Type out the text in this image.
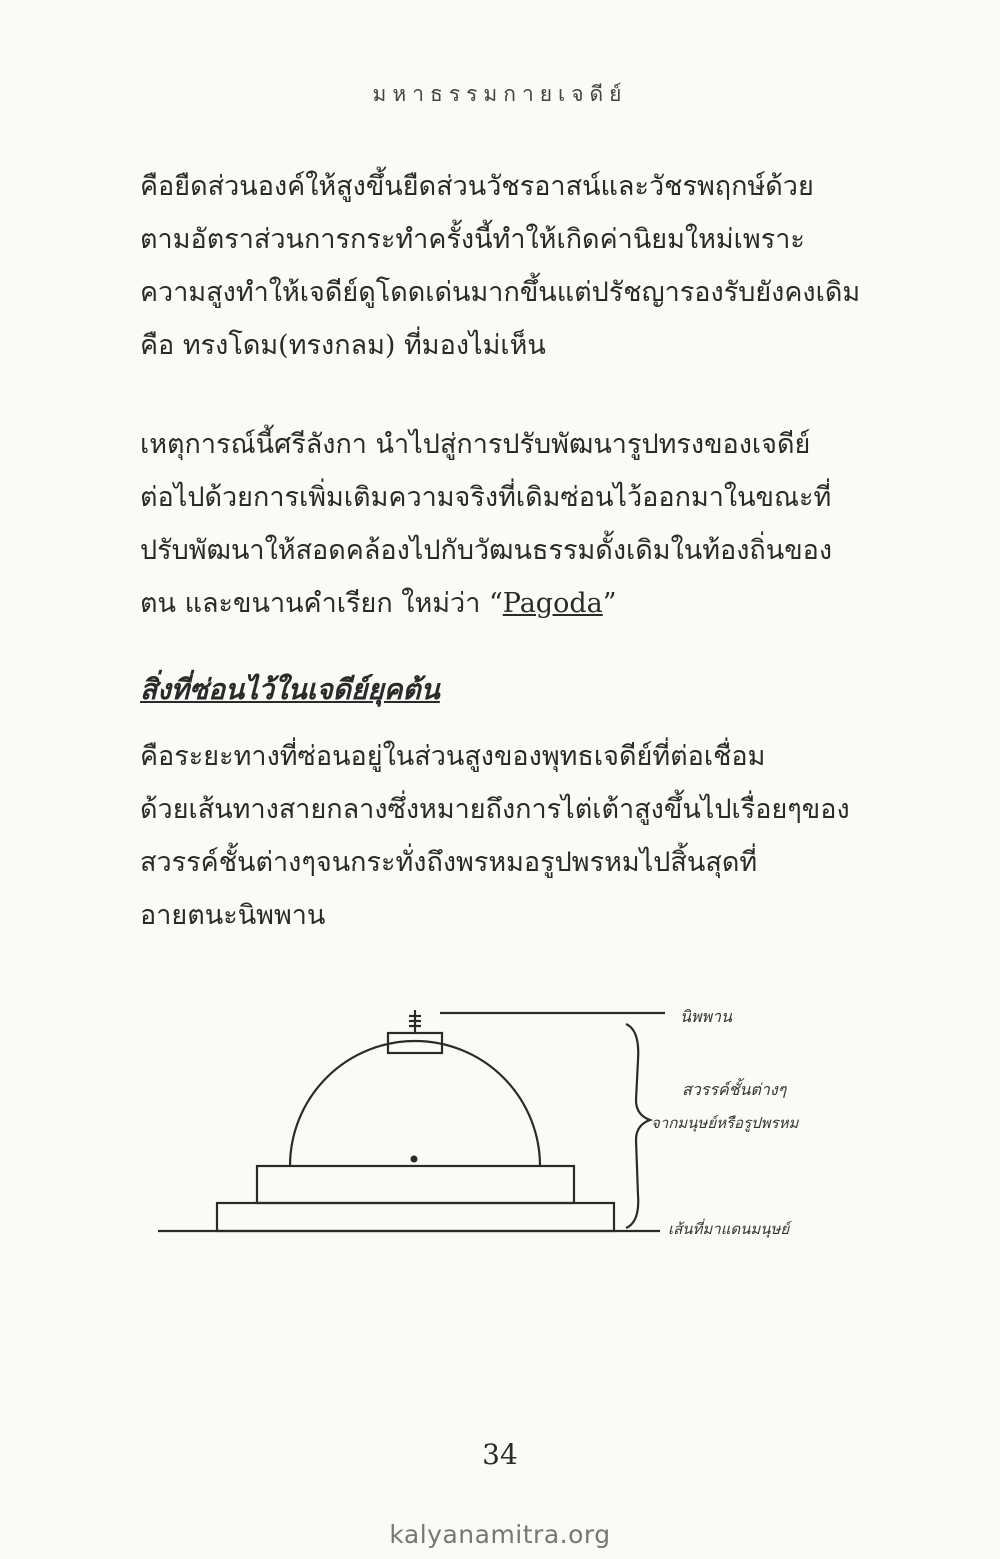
มหาธรรมกายเจดีย์
คือยืดส่วนองค์ให้สูงขึ้นยืดส่วนวัชรอาสน์และวัชรพฤกษ์ด้วย
ตามอัตราส่วนการกระทำครั้งนี้ทำให้เกิดค่านิยมใหม่เพราะ
ความสูงทำให้เจดีย์ดูโดดเด่นมากขึ้นแต่ปรัชญารองรับยังคงเดิม
คือ ทรงโดม(ทรงกลม) ที่มองไม่เห็น
เหตุการณ์นี้ศรีลังกา นำไปสู่การปรับพัฒนารูปทรงของเจดีย์
ต่อไปด้วยการเพิ่มเติมความจริงที่เดิมซ่อนไว้ออกมาในขณะที่
ปรับพัฒนาให้สอดคล้องไปกับวัฒนธรรมดั้งเดิมในท้องถิ่นของ
ตน และขนานคำเรียก ใหม่ว่า “Pagoda”
สิ่งที่ซ่อนไว้ในเจดีย์ยุคต้น
คือระยะทางที่ซ่อนอยู่ในส่วนสูงของพุทธเจดีย์ที่ต่อเชื่อม
ด้วยเส้นทางสายกลางซึ่งหมายถึงการไต่เต้าสูงขึ้นไปเรื่อยๆของ
สวรรค์ชั้นต่างๆจนกระทั่งถึงพรหมอรูปพรหมไปสิ้นสุดที่
อายตนะนิพพาน
นิพพาน
สวรรค์ชั้นต่างๆ
จากมนุษย์หรือรูปพรหม
เส้นที่มาแดนมนุษย์
34
kalyanamitra.org
